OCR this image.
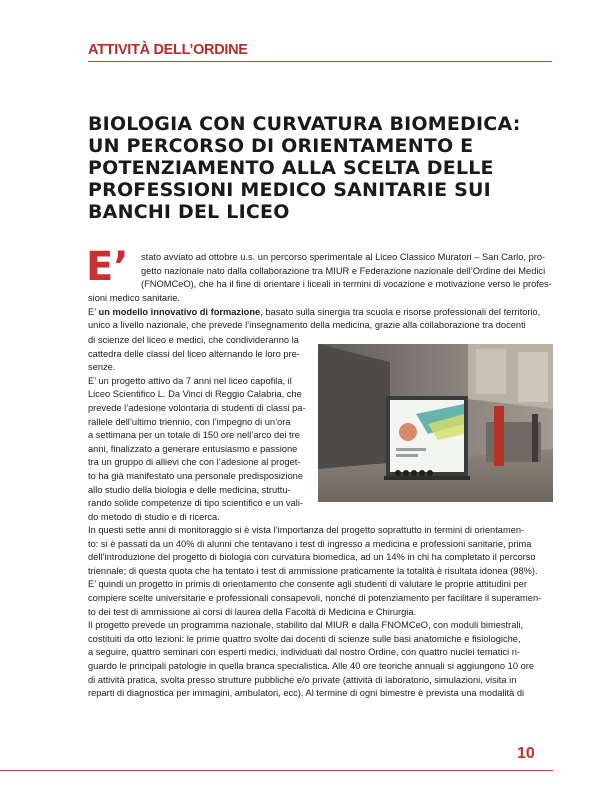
ATTIVITÀ DELL’ORDINE
BIOLOGIA CON CURVATURA BIOMEDICA:
UN PERCORSO DI ORIENTAMENTO E
POTENZIAMENTO ALLA SCELTA DELLE
PROFESSIONI MEDICO SANITARIE SUI
BANCHI DEL LICEO
E’ stato avviato ad ottobre u.s. un percorso sperimentale al Liceo Classico Muratori – San Carlo, pro-
getto nazionale nato dalla collaborazione tra MIUR e Federazione nazionale dell’Ordine dei Medici
(FNOMCeO), che ha il fine di orientare i liceali in termini di vocazione e motivazione verso le profes-
sioni medico sanitarie.
E’ un modello innovativo di formazione, basato sulla sinergia tra scuola e risorse professionali del territorio,
unico a livello nazionale, che prevede l’insegnamento della medicina, grazie alla collaborazione tra docenti
di scienze del liceo e medici, che condivideranno la
cattedra delle classi del liceo alternando le loro pre-
senze.
E’ un progetto attivo da 7 anni nel liceo capofila, il
Liceo Scientifico L. Da Vinci di Reggio Calabria, che
prevede l’adesione volontaria di studenti di classi pa-
rallele dell’ultimo triennio, con l’impegno di un’ora
a settimana per un totale di 150 ore nell’arco dei tre
anni, finalizzato a generare entusiasmo e passione
tra un gruppo di allievi che con l’adesione al proget-
to ha già manifestato una personale predisposizione
allo studio della biologia e delle medicina, struttu-
rando solide competenze di tipo scientifico e un vali-
do metodo di studio e di ricerca.
In questi sette anni di monitoraggio si è vista l’importanza del progetto soprattutto in termini di orientamen-
to: si è passati da un 40% di alunni che tentavano i test di ingresso a medicina e professioni sanitarie, prima
dell’introduzione del progetto di biologia con curvatura biomedica, ad un 14% in chi ha completato il percorso
triennale; di questa quota che ha tentato i test di ammissione praticamente la totalità è risultata idonea (98%).
E’ quindi un progetto in primis di orientamento che consente agli studenti di valutare le proprie attitudini per
compiere scelte universitarie e professionali consapevoli, nonché di potenziamento per facilitare il superamen-
to dei test di ammissione ai corsi di laurea della Facoltà di Medicina e Chirurgia.
Il progetto prevede un programma nazionale, stabilito dal MIUR e dalla FNOMCeO, con moduli bimestrali,
costituiti da otto lezioni: le prime quattro svolte dai docenti di scienze sulle basi anatomiche e fisiologiche,
a seguire, quattro seminari con esperti medici, individuati dal nostro Ordine, con quattro nuclei tematici ri-
guardo le principali patologie in quella branca specialistica. Alle 40 ore teoriche annuali si aggiungono 10 ore
di attività pratica, svolta presso strutture pubbliche e/o private (attività di laboratorio, simulazioni, visita in
reparti di diagnostica per immagini, ambulatori, ecc). Al termine di ogni bimestre è prevista una modalità di
10
